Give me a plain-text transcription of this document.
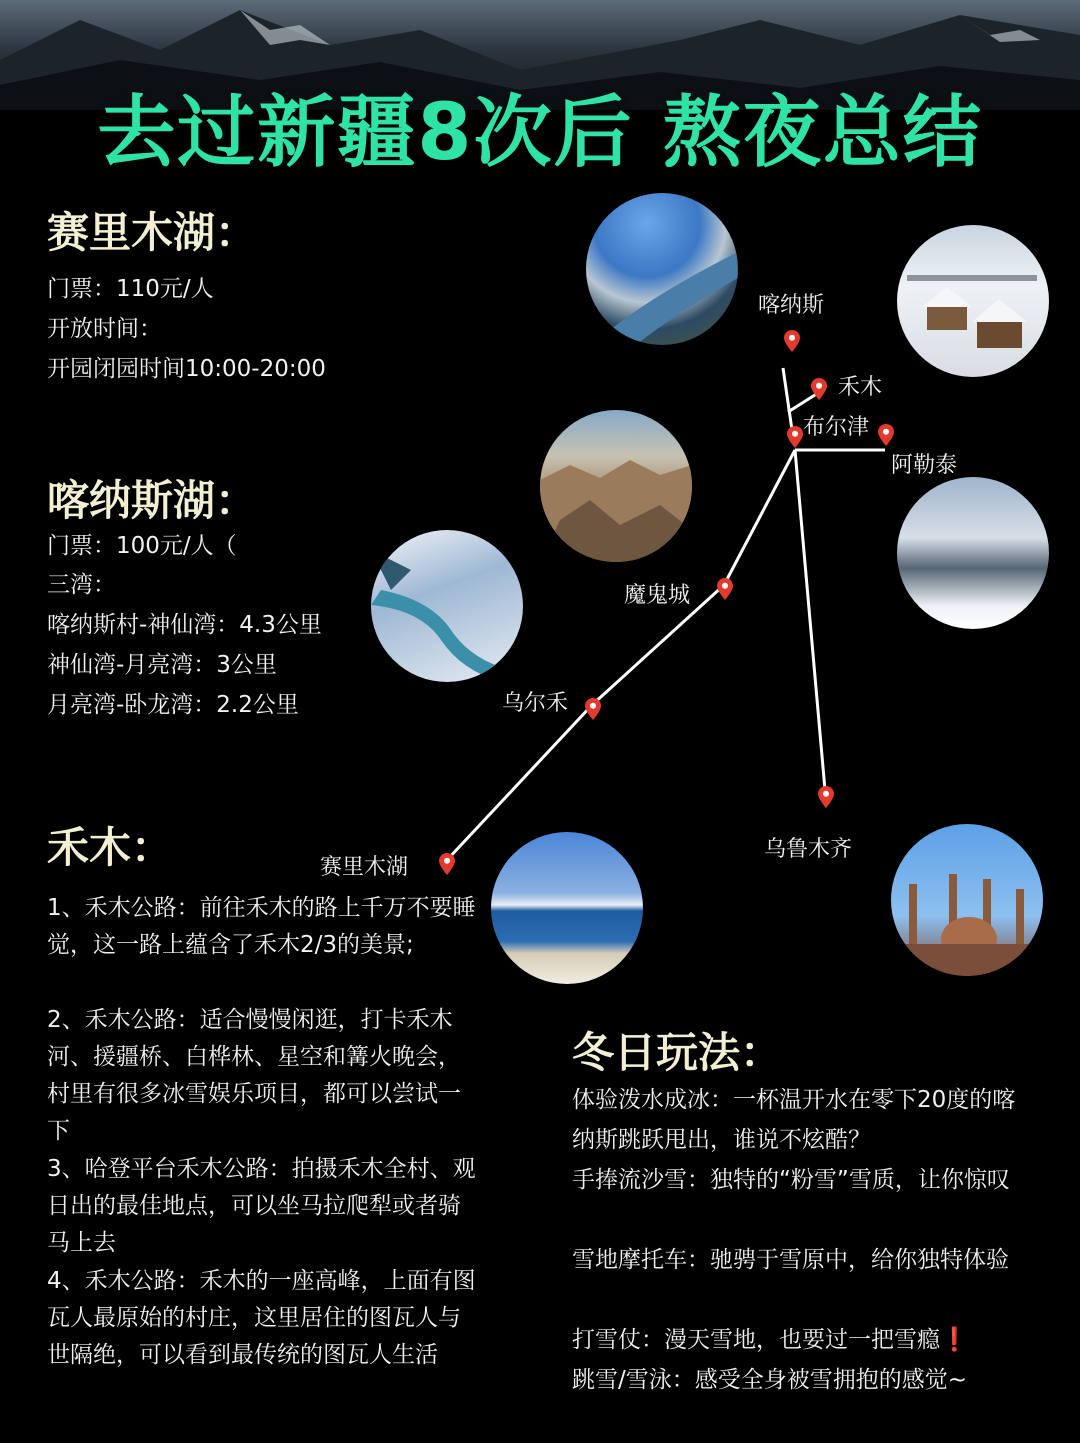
去过新疆8次后 熬夜总结
喀纳斯
禾木
布尔津
阿勒泰
魔鬼城
乌尔禾
乌鲁木齐
赛里木湖
赛里木湖：
门票：110元/人
开放时间：
开园闭园时间10:00-20:00
喀纳斯湖：
门票：100元/人（
三湾：
喀纳斯村-神仙湾：4.3公里
神仙湾-月亮湾：3公里
月亮湾-卧龙湾：2.2公里
禾木：
1、禾木公路：前往禾木的路上千万不要睡觉，这一路上蕴含了禾木2/3的美景;
2、禾木公路：适合慢慢闲逛，打卡禾木河、援疆桥、白桦林、星空和篝火晚会，村里有很多冰雪娱乐项目，都可以尝试一下
3、哈登平台禾木公路：拍摄禾木全村、观日出的最佳地点，可以坐马拉爬犁或者骑马上去
4、禾木公路：禾木的一座高峰，上面有图瓦人最原始的村庄，这里居住的图瓦人与世隔绝，可以看到最传统的图瓦人生活
冬日玩法：
体验泼水成冰：一杯温开水在零下20度的喀纳斯跳跃甩出，谁说不炫酷？
手捧流沙雪：独特的“粉雪”雪质，让你惊叹
雪地摩托车：驰骋于雪原中，给你独特体验
打雪仗：漫天雪地，也要过一把雪瘾❗
跳雪/雪泳：感受全身被雪拥抱的感觉~
